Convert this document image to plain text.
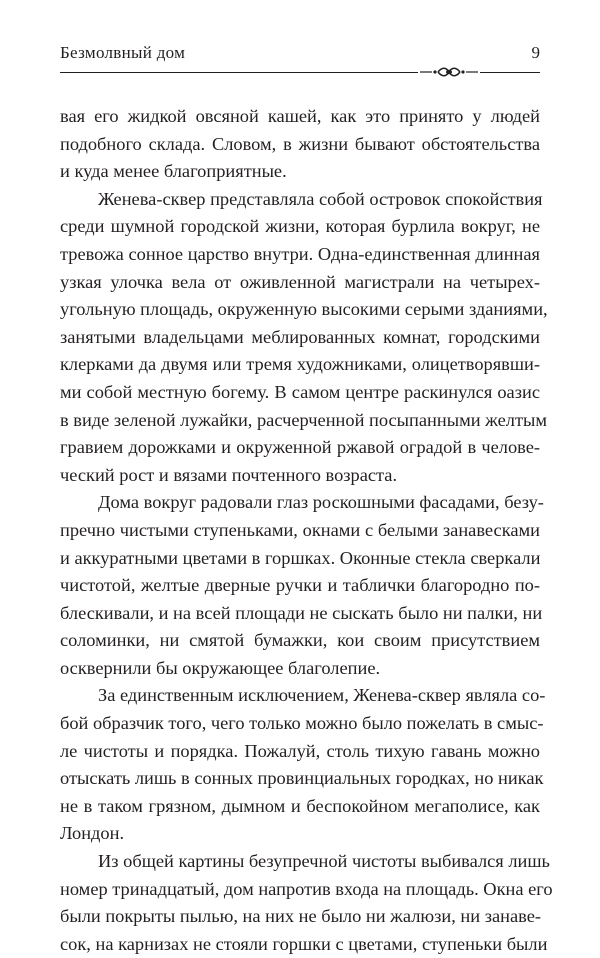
Безмолвный дом	9
вая его жидкой овсяной кашей, как это принято у людей
подобного склада. Словом, в жизни бывают обстоятельства
и куда менее благоприятные.
Женева-сквер представляла собой островок спокойствия
среди шумной городской жизни, которая бурлила вокруг, не
тревожа сонное царство внутри. Одна-единственная длинная
узкая улочка вела от оживленной магистрали на четырех-
угольную площадь, окруженную высокими серыми зданиями,
занятыми владельцами меблированных комнат, городскими
клерками да двумя или тремя художниками, олицетворявши-
ми собой местную богему. В самом центре раскинулся оазис
в виде зеленой лужайки, расчерченной посыпанными желтым
гравием дорожками и окруженной ржавой оградой в челове-
ческий рост и вязами почтенного возраста.
Дома вокруг радовали глаз роскошными фасадами, безу-
пречно чистыми ступеньками, окнами с белыми занавесками
и аккуратными цветами в горшках. Оконные стекла сверкали
чистотой, желтые дверные ручки и таблички благородно по-
блескивали, и на всей площади не сыскать было ни палки, ни
соломинки, ни смятой бумажки, кои своим присутствием
осквернили бы окружающее благолепие.
За единственным исключением, Женева-сквер являла со-
бой образчик того, чего только можно было пожелать в смыс-
ле чистоты и порядка. Пожалуй, столь тихую гавань можно
отыскать лишь в сонных провинциальных городках, но никак
не в таком грязном, дымном и беспокойном мегаполисе, как
Лондон.
Из общей картины безупречной чистоты выбивался лишь
номер тринадцатый, дом напротив входа на площадь. Окна его
были покрыты пылью, на них не было ни жалюзи, ни занаве-
сок, на карнизах не стояли горшки с цветами, ступеньки были
